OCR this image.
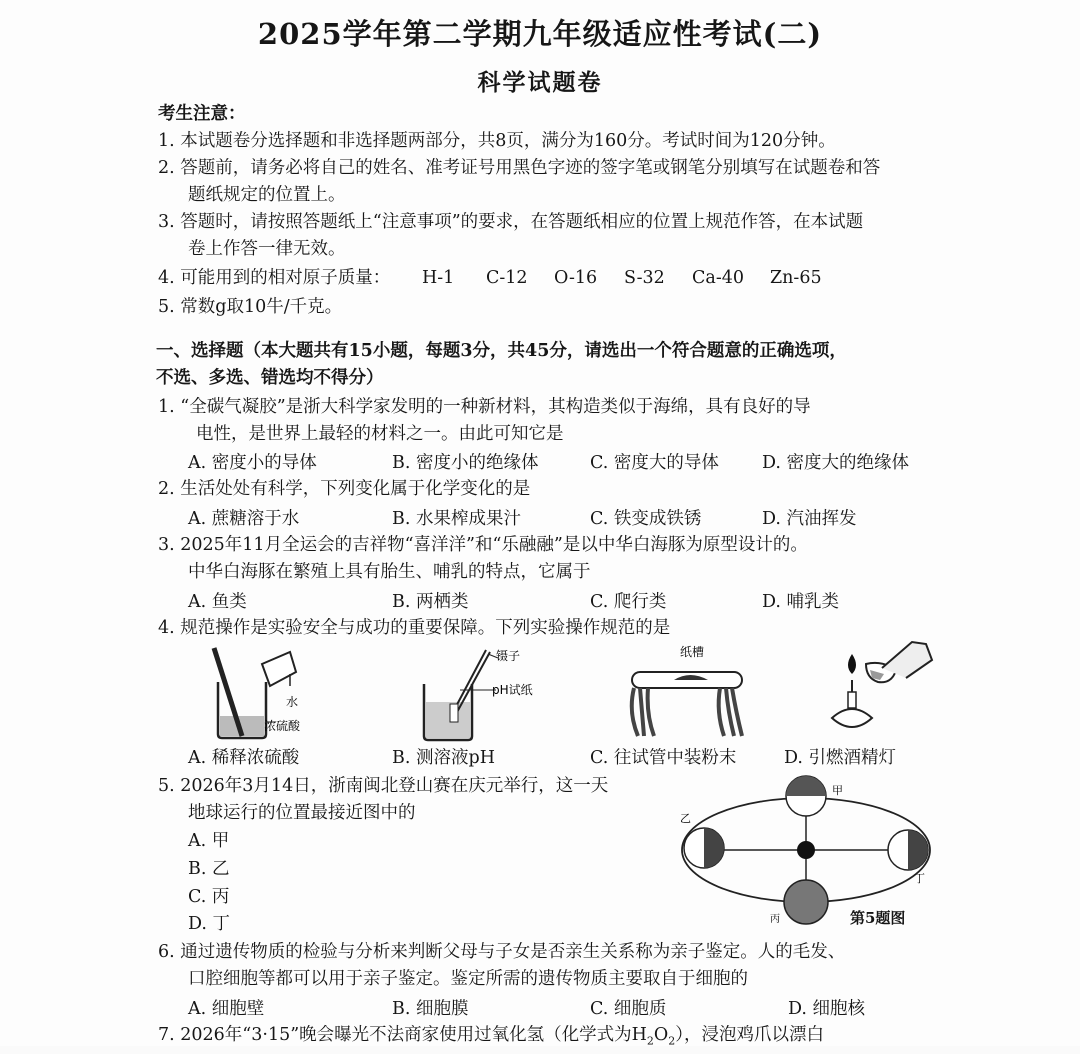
2025学年第二学期九年级适应性考试(二)
科学试题卷
考生注意：
1. 本试题卷分选择题和非选择题两部分，共8页，满分为160分。考试时间为120分钟。
2. 答题前，请务必将自己的姓名、准考证号用黑色字迹的签字笔或钢笔分别填写在试题卷和答
题纸规定的位置上。
3. 答题时，请按照答题纸上“注意事项”的要求，在答题纸相应的位置上规范作答，在本试题
卷上作答一律无效。
4. 可能用到的相对原子质量： H-1 C-12 O-16 S-32 Ca-40 Zn-65
5. 常数g取10牛/千克。
一、选择题（本大题共有15小题，每题3分，共45分，请选出一个符合题意的正确选项，
不选、多选、错选均不得分）
1. “全碳气凝胶”是浙大科学家发明的一种新材料，其构造类似于海绵，具有良好的导
电性，是世界上最轻的材料之一。由此可知它是
A. 密度小的导体	B. 密度小的绝缘体	C. 密度大的导体 D. 密度大的绝缘体
2. 生活处处有科学，下列变化属于化学变化的是
A. 蔗糖溶于水	B. 水果榨成果汁	C. 铁变成铁锈	D. 汽油挥发
3. 2025年11月全运会的吉祥物“喜洋洋”和“乐融融”是以中华白海豚为原型设计的。
中华白海豚在繁殖上具有胎生、哺乳的特点，它属于
A. 鱼类	B. 两栖类	C. 爬行类	D. 哺乳类
4. 规范操作是实验安全与成功的重要保障。下列实验操作规范的是
水
浓硫酸
镊子
pH试纸
纸槽
A. 稀释浓硫酸	B. 测溶液pH	C. 往试管中装粉末	D. 引燃酒精灯
5. 2026年3月14日，浙南闽北登山赛在庆元举行，这一天
地球运行的位置最接近图中的
A. 甲
B. 乙
C. 丙
D. 丁
甲
乙
丁
丙	第5题图
6. 通过遗传物质的检验与分析来判断父母与子女是否亲生关系称为亲子鉴定。人的毛发、
口腔细胞等都可以用于亲子鉴定。鉴定所需的遗传物质主要取自于细胞的
A. 细胞壁	B. 细胞膜	C. 细胞质	D. 细胞核
7. 2026年“3·15”晚会曝光不法商家使用过氧化氢（化学式为$H_2O_2$），浸泡鸡爪以漂白
